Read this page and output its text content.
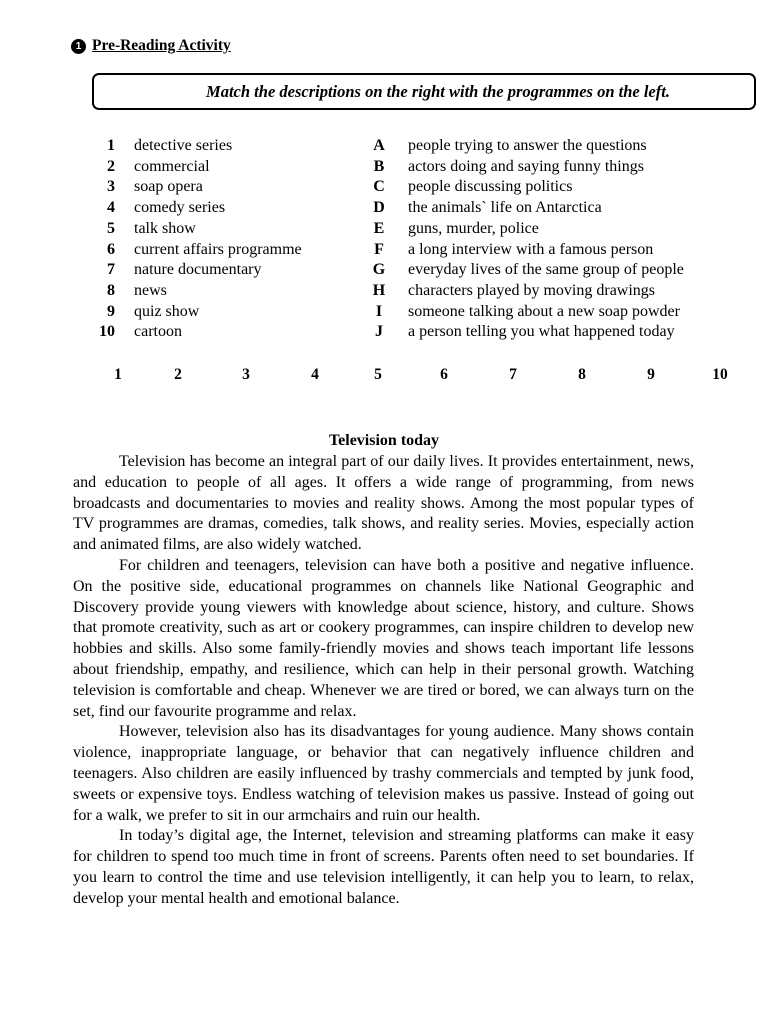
1 Pre-Reading Activity
Match the descriptions on the right with the programmes on the left.
1 detective series
2 commercial
3 soap opera
4 comedy series
5 talk show
6 current affairs programme
7 nature documentary
8 news
9 quiz show
10 cartoon
A	people trying to answer the questions
B	actors doing and saying funny things
C	people discussing politics
D	the animals` life on Antarctica
E	guns, murder, police
F	a long interview with a famous person
G everyday lives of the same group of people
H characters played by moving drawings
I	someone talking about a new soap powder
J	a person telling you what happened today
1	2	3	4	5	6	7	8	9	10
Television today

Television has become an integral part of our daily lives. It provides entertainment, news, and education to people of all ages. It offers a wide range of programming, from news broadcasts and documentaries to movies and reality shows. Among the most popular types of TV programmes are dramas, comedies, talk shows, and reality series. Movies, especially action and animated films, are also widely watched.

For children and teenagers, television can have both a positive and negative influence. On the positive side, educational programmes on channels like National Geographic and Discovery provide young viewers with knowledge about science, history, and culture. Shows that promote creativity, such as art or cookery programmes, can inspire children to develop new hobbies and skills. Also some family-friendly movies and shows teach important life lessons about friendship, empathy, and resilience, which can help in their personal growth. Watching television is comfortable and cheap. Whenever we are tired or bored, we can always turn on the set, find our favourite programme and relax.

However, television also has its disadvantages for young audience. Many shows contain violence, inappropriate language, or behavior that can negatively influence children and teenagers. Also children are easily influenced by trashy commercials and tempted by junk food, sweets or expensive toys. Endless watching of television makes us passive. Instead of going out for a walk, we prefer to sit in our armchairs and ruin our health.

In today’s digital age, the Internet, television and streaming platforms can make it easy for children to spend too much time in front of screens. Parents often need to set boundaries. If you learn to control the time and use television intelligently, it can help you to learn, to relax, develop your mental health and emotional balance.
